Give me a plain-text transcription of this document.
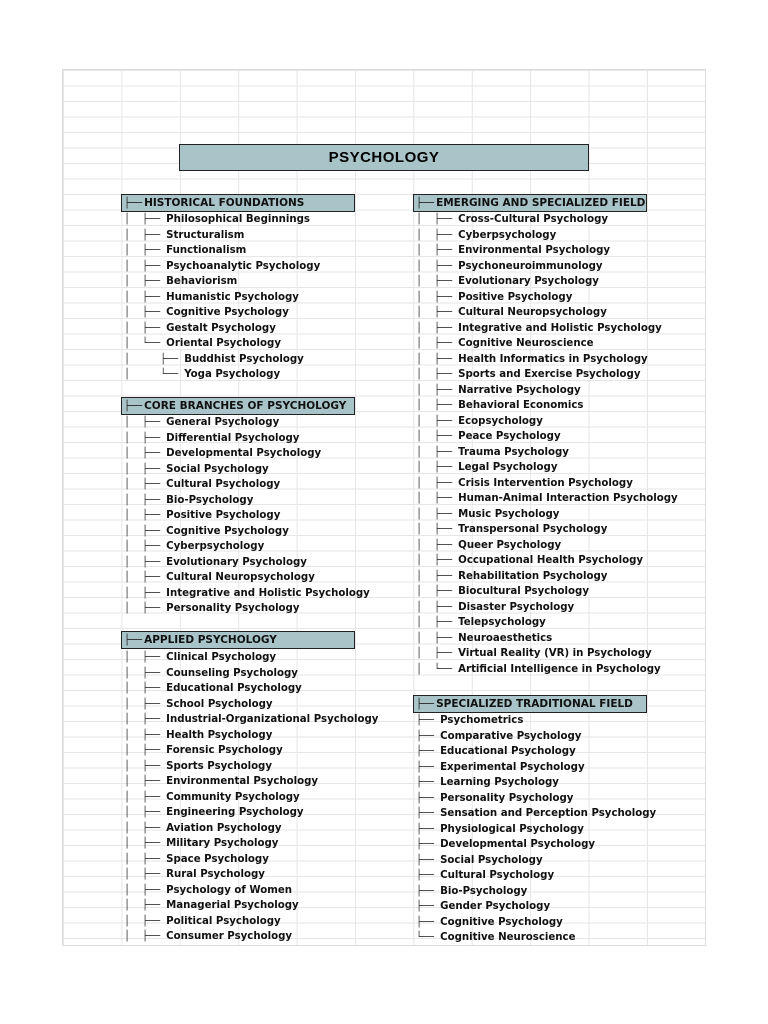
PSYCHOLOGY
├── HISTORICAL FOUNDATIONS
│  ├── Philosophical Beginnings
│  ├── Structuralism
│  ├── Functionalism
│  ├── Psychoanalytic Psychology
│  ├── Behaviorism
│  ├── Humanistic Psychology
│  ├── Cognitive Psychology
│  ├── Gestalt Psychology
│  └── Oriental Psychology
│     ├── Buddhist Psychology
│     └── Yoga Psychology
├── CORE BRANCHES OF PSYCHOLOGY
│  ├── General Psychology
│  ├── Differential Psychology
│  ├── Developmental Psychology
│  ├── Social Psychology
│  ├── Cultural Psychology
│  ├── Bio-Psychology
│  ├── Positive Psychology
│  ├── Cognitive Psychology
│  ├── Cyberpsychology
│  ├── Evolutionary Psychology
│  ├── Cultural Neuropsychology
│  ├── Integrative and Holistic Psychology
│  ├── Personality Psychology
├── APPLIED PSYCHOLOGY
│  ├── Clinical Psychology
│  ├── Counseling Psychology
│  ├── Educational Psychology
│  ├── School Psychology
│  ├── Industrial-Organizational Psychology
│  ├── Health Psychology
│  ├── Forensic Psychology
│  ├── Sports Psychology
│  ├── Environmental Psychology
│  ├── Community Psychology
│  ├── Engineering Psychology
│  ├── Aviation Psychology
│  ├── Military Psychology
│  ├── Space Psychology
│  ├── Rural Psychology
│  ├── Psychology of Women
│  ├── Managerial Psychology
│  ├── Political Psychology
│  ├── Consumer Psychology
├── EMERGING AND SPECIALIZED FIELD
│  ├── Cross-Cultural Psychology
│  ├── Cyberpsychology
│  ├── Environmental Psychology
│  ├── Psychoneuroimmunology
│  ├── Evolutionary Psychology
│  ├── Positive Psychology
│  ├── Cultural Neuropsychology
│  ├── Integrative and Holistic Psychology
│  ├── Cognitive Neuroscience
│  ├── Health Informatics in Psychology
│  ├── Sports and Exercise Psychology
│  ├── Narrative Psychology
│  ├── Behavioral Economics
│  ├── Ecopsychology
│  ├── Peace Psychology
│  ├── Trauma Psychology
│  ├── Legal Psychology
│  ├── Crisis Intervention Psychology
│  ├── Human-Animal Interaction Psychology
│  ├── Music Psychology
│  ├── Transpersonal Psychology
│  ├── Queer Psychology
│  ├── Occupational Health Psychology
│  ├── Rehabilitation Psychology
│  ├── Biocultural Psychology
│  ├── Disaster Psychology
│  ├── Telepsychology
│  ├── Neuroaesthetics
│  ├── Virtual Reality (VR) in Psychology
│  └── Artificial Intelligence in Psychology
├── SPECIALIZED TRADITIONAL FIELD
├── Psychometrics
├── Comparative Psychology
├── Educational Psychology
├── Experimental Psychology
├── Learning Psychology
├── Personality Psychology
├── Sensation and Perception Psychology
├── Physiological Psychology
├── Developmental Psychology
├── Social Psychology
├── Cultural Psychology
├── Bio-Psychology
├── Gender Psychology
├── Cognitive Psychology
└── Cognitive Neuroscience
